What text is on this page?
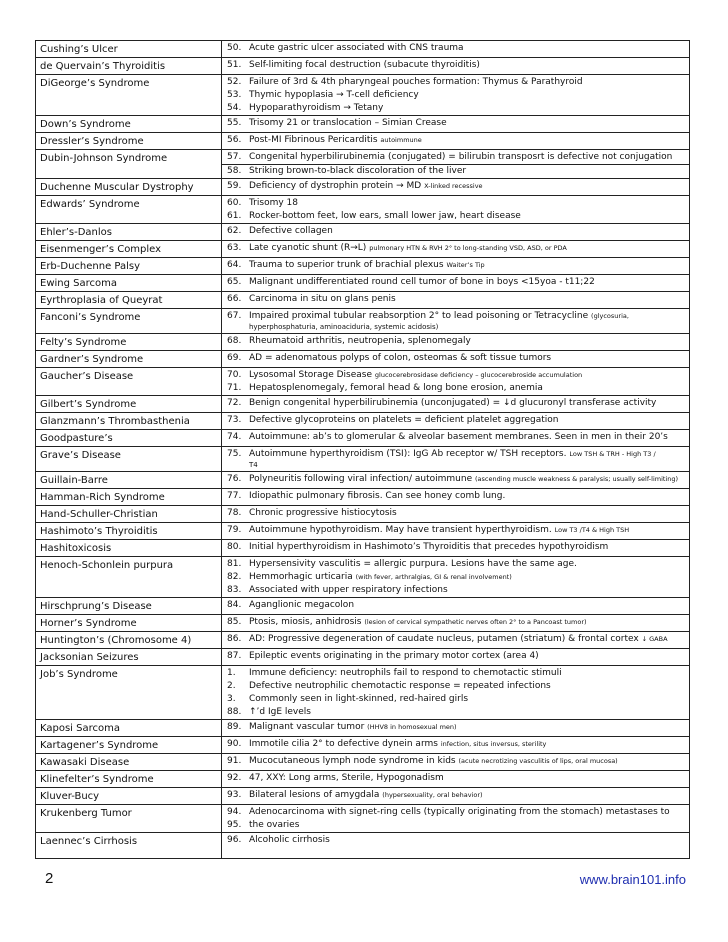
Cushing’s Ulcer	50. Acute gastric ulcer associated with CNS trauma

de Quervain’s Thyroiditis	51. Self-limiting focal destruction (subacute thyroiditis)

DiGeorge’s Syndrome	52. Failure of 3rd & 4th pharyngeal pouches formation: Thymus & Parathyroid
53. Thymic hypoplasia → T-cell deficiency
54. Hypoparathyroidism → Tetany

Down’s Syndrome	55. Trisomy 21 or translocation – Simian Crease

Dressler’s Syndrome	56. Post-MI Fibrinous Pericarditis autoimmune

Dubin-Johnson Syndrome	57. Congenital hyperbilirubinemia (conjugated) = bilirubin transposrt is defective not conjugation
58. Striking brown-to-black discoloration of the liver

Duchenne Muscular Dystrophy	59. Deficiency of dystrophin protein → MD X-linked recessive

Edwards’ Syndrome	60. Trisomy 18
61. Rocker-bottom feet, low ears, small lower jaw, heart disease

Ehler’s-Danlos	62. Defective collagen

Eisenmenger’s Complex	63. Late cyanotic shunt (R→L) pulmonary HTN & RVH 2° to long-standing VSD, ASD, or PDA

Erb-Duchenne Palsy	64. Trauma to superior trunk of brachial plexus Waiter’s Tip

Ewing Sarcoma	65. Malignant undifferentiated round cell tumor of bone in boys <15yoa - t11;22

Eyrthroplasia of Queyrat	66. Carcinoma in situ on glans penis

Fanconi’s Syndrome	67. Impaired proximal tubular reabsorption 2° to lead poisoning or Tetracycline (glycosuria,
hyperphosphaturia, aminoaciduria, systemic acidosis)

Felty’s Syndrome	68. Rheumatoid arthritis, neutropenia, splenomegaly

Gardner’s Syndrome	69. AD = adenomatous polyps of colon, osteomas & soft tissue tumors

Gaucher’s Disease	70. Lysosomal Storage Disease glucocerebrosidase deficiency – glucocerebroside accumulation
71. Hepatosplenomegaly, femoral head & long bone erosion, anemia

Gilbert’s Syndrome	72. Benign congenital hyperbilirubinemia (unconjugated) = ↓d glucuronyl transferase activity

Glanzmann’s Thrombasthenia	73. Defective glycoproteins on platelets = deficient platelet aggregation

Goodpasture’s	74. Autoimmune: ab’s to glomerular & alveolar basement membranes. Seen in men in their 20’s

Grave’s Disease	75. Autoimmune hyperthyroidism (TSI): IgG Ab receptor w/ TSH receptors. Low TSH & TRH - High T3 /
T4

Guillain-Barre	76. Polyneuritis following viral infection/ autoimmune (ascending muscle weakness & paralysis; usually self-limiting)

Hamman-Rich Syndrome	77. Idiopathic pulmonary fibrosis. Can see honey comb lung.

Hand-Schuller-Christian	78. Chronic progressive histiocytosis

Hashimoto’s Thyroiditis	79. Autoimmune hypothyroidism. May have transient hyperthyroidism. Low T3 /T4 & High TSH

Hashitoxicosis	80. Initial hyperthyroidism in Hashimoto’s Thyroiditis that precedes hypothyroidism

Henoch-Schonlein purpura	81. Hypersensivity vasculitis = allergic purpura. Lesions have the same age.
82. Hemmorhagic urticaria (with fever, arthralgias, GI & renal involvement)
83. Associated with upper respiratory infections

Hirschprung’s Disease	84. Aganglionic megacolon

Horner’s Syndrome	85. Ptosis, miosis, anhidrosis (lesion of cervical sympathetic nerves often 2° to a Pancoast tumor)

Huntington’s (Chromosome 4)	86. AD: Progressive degeneration of caudate nucleus, putamen (striatum) & frontal cortex ↓ GABA

Jacksonian Seizures	87. Epileptic events originating in the primary motor cortex (area 4)

Job’s Syndrome	1. Immune deficiency: neutrophils fail to respond to chemotactic stimuli
2. Defective neutrophilic chemotactic response = repeated infections
3. Commonly seen in light-skinned, red-haired girls
88. ↑’d IgE levels

Kaposi Sarcoma	89. Malignant vascular tumor (HHV8 in homosexual men)

Kartagener’s Syndrome	90. Immotile cilia 2° to defective dynein arms infection, situs inversus, sterility

Kawasaki Disease	91. Mucocutaneous lymph node syndrome in kids (acute necrotizing vasculitis of lips, oral mucosa)

Klinefelter’s Syndrome	92. 47, XXY: Long arms, Sterile, Hypogonadism

Kluver-Bucy	93. Bilateral lesions of amygdala (hypersexuality, oral behavior)

Krukenberg Tumor	94. Adenocarcinoma with signet-ring cells (typically originating from the stomach) metastases to
95. the ovaries

Laennec’s Cirrhosis	96. Alcoholic cirrhosis
2	www.brain101.info
